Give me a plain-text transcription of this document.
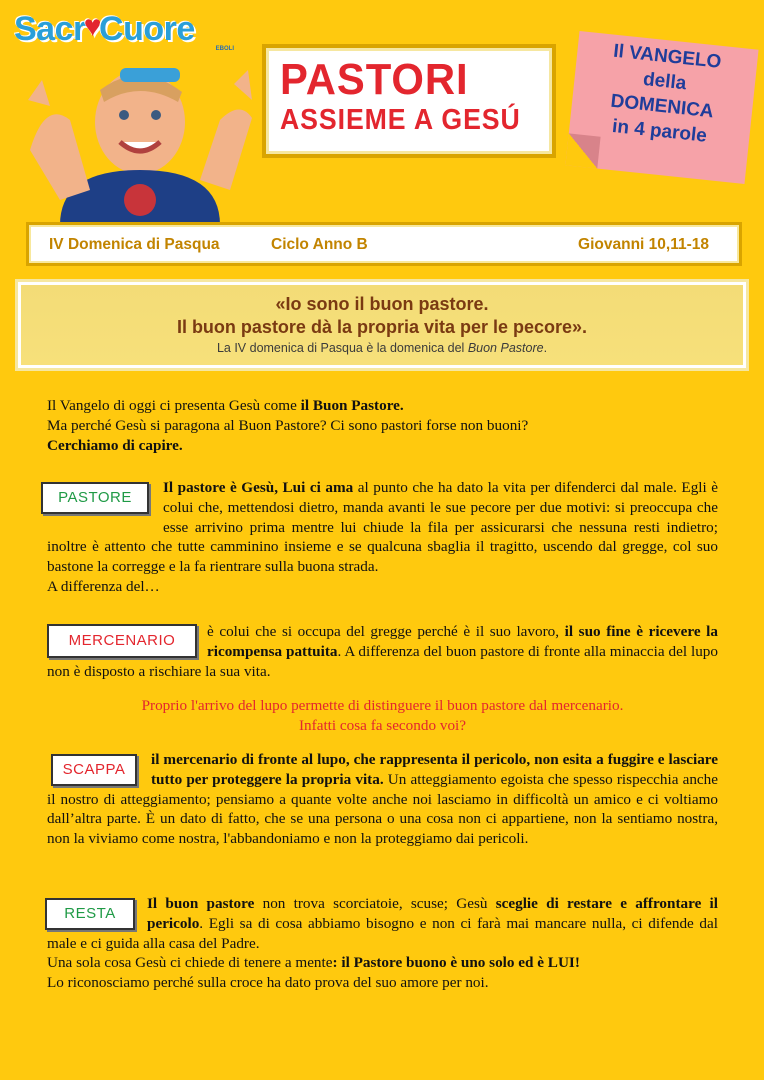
Sacr♥Cuore
EBOLI
PASTORI
ASSIEME A GESÚ
Il VANGELO
della
DOMENICA
in 4 parole
IV Domenica di Pasqua	Ciclo Anno B	Giovanni 10,11-18
«Io sono il buon pastore.
Il buon pastore dà la propria vita per le pecore».
La IV domenica di Pasqua è la domenica del Buon Pastore.
Il Vangelo di oggi ci presenta Gesù come il Buon Pastore.
Ma perché Gesù si paragona al Buon Pastore? Ci sono pastori forse non buoni?
Cerchiamo di capire.
PASTORE
Il pastore è Gesù, Lui ci ama al punto che ha dato la vita per difenderci dal male. Egli è colui che, mettendosi dietro, manda avanti le sue pecore per due motivi: si preoccupa che esse arrivino prima mentre lui chiude la fila per assicurarsi che nessuna resti indietro; inoltre è attento che tutte camminino insieme e se qualcuna sbaglia il tragitto, uscendo dal gregge, col suo bastone la corregge e la fa rientrare sulla buona strada.
A differenza del…
MERCENARIO
è colui che si occupa del gregge perché è il suo lavoro, il suo fine è ricevere la ricompensa pattuita. A differenza del buon pastore di fronte alla minaccia del lupo non è disposto a rischiare la sua vita.
Proprio l'arrivo del lupo permette di distinguere il buon pastore dal mercenario.
Infatti cosa fa secondo voi?
SCAPPA
il mercenario di fronte al lupo, che rappresenta il pericolo, non esita a fuggire e lasciare tutto per proteggere la propria vita. Un atteggiamento egoista che spesso rispecchia anche il nostro di atteggiamento; pensiamo a quante volte anche noi lasciamo in difficoltà un amico e ci voltiamo dall’altra parte. È un dato di fatto, che se una persona o una cosa non ci appartiene, non la sentiamo nostra, non la viviamo come nostra, l'abbandoniamo e non la proteggiamo dai pericoli.
RESTA
Il buon pastore non trova scorciatoie, scuse; Gesù sceglie di restare e affrontare il pericolo. Egli sa di cosa abbiamo bisogno e non ci farà mai mancare nulla, ci difende dal male e ci guida alla casa del Padre.
Una sola cosa Gesù ci chiede di tenere a mente: il Pastore buono è uno solo ed è LUI!
Lo riconosciamo perché sulla croce ha dato prova del suo amore per noi.
